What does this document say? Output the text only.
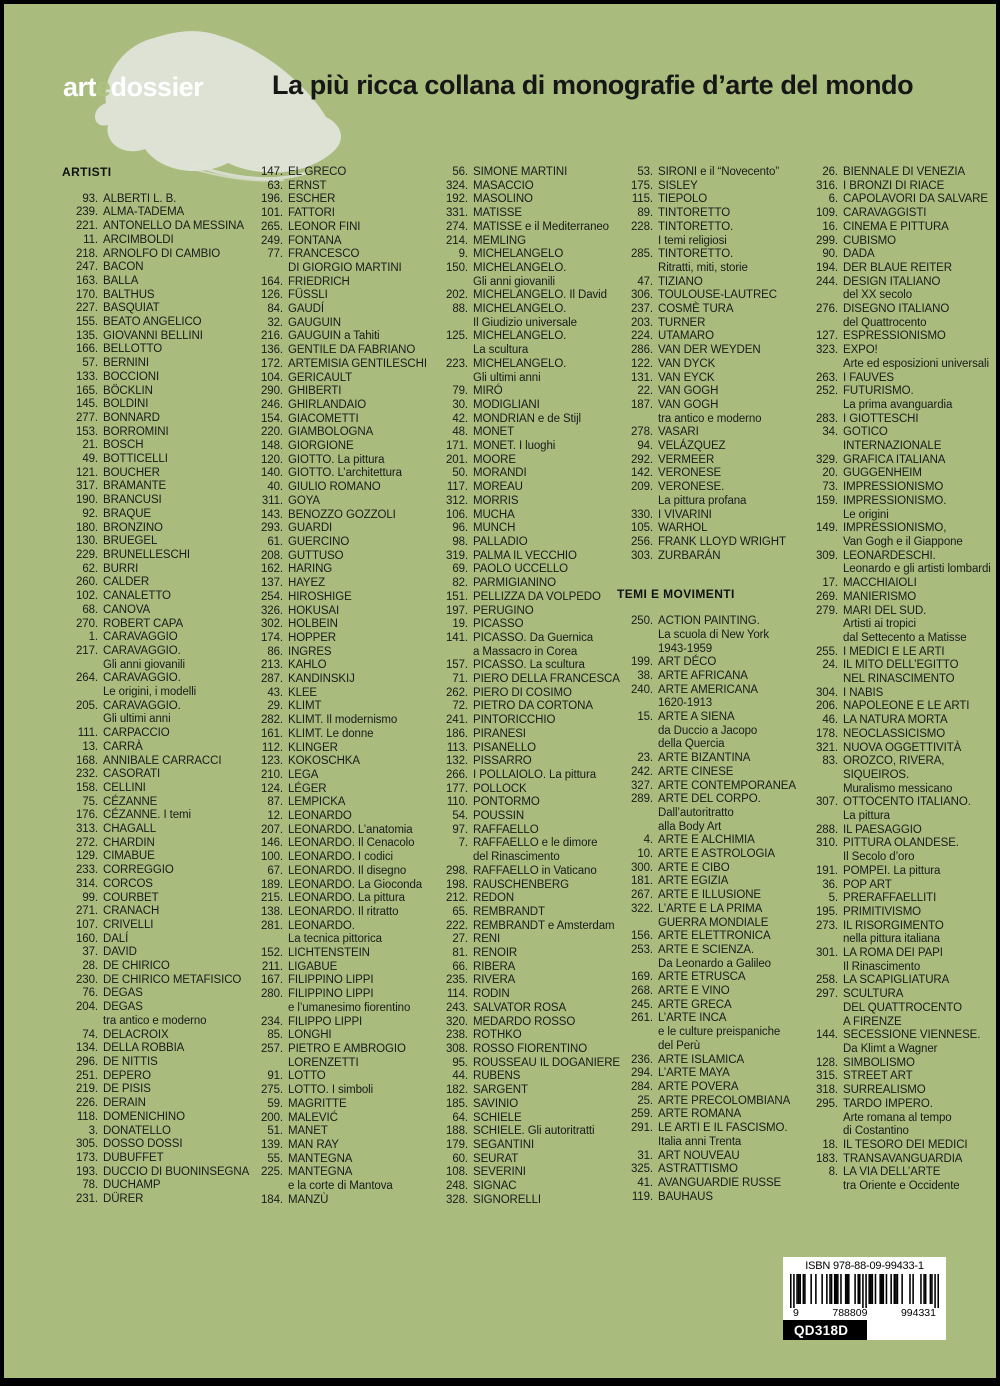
artedossier	La più ricca collana di monografie d’arte del mondo
ARTISTI
93. ALBERTI L. B.
239. ALMA-TADEMA
221. ANTONELLO DA MESSINA
11. ARCIMBOLDI
218. ARNOLFO DI CAMBIO
247. BACON
163. BALLA
170. BALTHUS
227. BASQUIAT
155. BEATO ANGELICO
135. GIOVANNI BELLINI
166. BELLOTTO
57. BERNINI
133. BOCCIONI
165. BÖCKLIN
145. BOLDINI
277. BONNARD
153. BORROMINI
21. BOSCH
49. BOTTICELLI
121. BOUCHER
317. BRAMANTE
190. BRANCUSI
92. BRAQUE
180. BRONZINO
130. BRUEGEL
229. BRUNELLESCHI
62. BURRI
260. CALDER
102. CANALETTO
68. CANOVA
270. ROBERT CAPA
1. CARAVAGGIO
217. CARAVAGGIO.
Gli anni giovanili
264. CARAVAGGIO.
Le origini, i modelli
205. CARAVAGGIO.
Gli ultimi anni
111. CARPACCIO
13. CARRÀ
168. ANNIBALE CARRACCI
232. CASORATI
158. CELLINI
75. CÉZANNE
176. CÉZANNE. I temi
313. CHAGALL
272. CHARDIN
129. CIMABUE
233. CORREGGIO
314. CORCOS
99. COURBET
271. CRANACH
107. CRIVELLI
160. DALÍ
37. DAVID
28. DE CHIRICO
230. DE CHIRICO METAFISICO
76. DEGAS
204. DEGAS
tra antico e moderno
74. DELACROIX
134. DELLA ROBBIA
296. DE NITTIS
251. DEPERO
219. DE PISIS
226. DERAIN
118. DOMENICHINO
3. DONATELLO
305. DOSSO DOSSI
173. DUBUFFET
193. DUCCIO DI BUONINSEGNA
78. DUCHAMP
231. DÜRER
147. EL GRECO
63. ERNST
196. ESCHER
101. FATTORI
265. LEONOR FINI
249. FONTANA
77. FRANCESCO
DI GIORGIO MARTINI
164. FRIEDRICH
126. FÜSSLI
84. GAUDÍ
32. GAUGUIN
216. GAUGUIN a Tahiti
136. GENTILE DA FABRIANO
172. ARTEMISIA GENTILESCHI
104. GERICAULT
290. GHIBERTI
246. GHIRLANDAIO
154. GIACOMETTI
220. GIAMBOLOGNA
148. GIORGIONE
120. GIOTTO. La pittura
140. GIOTTO. L’architettura
40. GIULIO ROMANO
311. GOYA
143. BENOZZO GOZZOLI
293. GUARDI
61. GUERCINO
208. GUTTUSO
162. HARING
137. HAYEZ
254. HIROSHIGE
326. HOKUSAI
302. HOLBEIN
174. HOPPER
86. INGRES
213. KAHLO
287. KANDINSKIJ
43. KLEE
29. KLIMT
282. KLIMT. Il modernismo
161. KLIMT. Le donne
112. KLINGER
123. KOKOSCHKA
210. LEGA
124. LÉGER
87. LEMPICKA
12. LEONARDO
207. LEONARDO. L’anatomia
146. LEONARDO. Il Cenacolo
100. LEONARDO. I codici
67. LEONARDO. Il disegno
189. LEONARDO. La Gioconda
215. LEONARDO. La pittura
138. LEONARDO. Il ritratto
281. LEONARDO.
La tecnica pittorica
152. LICHTENSTEIN
211. LIGABUE
167. FILIPPINO LIPPI
280. FILIPPINO LIPPI
e l’umanesimo fiorentino
234. FILIPPO LIPPI
85. LONGHI
257. PIETRO E AMBROGIO
LORENZETTI
91. LOTTO
275. LOTTO. I simboli
59. MAGRITTE
200. MALEVIĆ
51. MANET
139. MAN RAY
55. MANTEGNA
225. MANTEGNA
e la corte di Mantova
184. MANZÙ
56. SIMONE MARTINI
324. MASACCIO
192. MASOLINO
331. MATISSE
274. MATISSE e il Mediterraneo
214. MEMLING
9. MICHELANGELO
150. MICHELANGELO.
Gli anni giovanili
202. MICHELANGELO. Il David
88. MICHELANGELO.
Il Giudizio universale
125. MICHELANGELO.
La scultura
223. MICHELANGELO.
Gli ultimi anni
79. MIRÓ
30. MODIGLIANI
42. MONDRIAN e de Stijl
48. MONET
171. MONET. I luoghi
201. MOORE
50. MORANDI
117. MOREAU
312. MORRIS
106. MUCHA
96. MUNCH
98. PALLADIO
319. PALMA IL VECCHIO
69. PAOLO UCCELLO
82. PARMIGIANINO
151. PELLIZZA DA VOLPEDO
197. PERUGINO
19. PICASSO
141. PICASSO. Da Guernica
a Massacro in Corea
157. PICASSO. La scultura
71. PIERO DELLA FRANCESCA
262. PIERO DI COSIMO
72. PIETRO DA CORTONA
241. PINTORICCHIO
186. PIRANESI
113. PISANELLO
132. PISSARRO
266. I POLLAIOLO. La pittura
177. POLLOCK
110. PONTORMO
54. POUSSIN
97. RAFFAELLO
7. RAFFAELLO e le dimore
del Rinascimento
298. RAFFAELLO in Vaticano
198. RAUSCHENBERG
212. REDON
65. REMBRANDT
222. REMBRANDT e Amsterdam
27. RENI
81. RENOIR
66. RIBERA
235. RIVERA
114. RODIN
243. SALVATOR ROSA
320. MEDARDO ROSSO
238. ROTHKO
308. ROSSO FIORENTINO
95. ROUSSEAU IL DOGANIERE
44. RUBENS
182. SARGENT
185. SAVINIO
64. SCHIELE
188. SCHIELE. Gli autoritratti
179. SEGANTINI
60. SEURAT
108. SEVERINI
248. SIGNAC
328. SIGNORELLI
53. SIRONI e il “Novecento”
175. SISLEY
115. TIEPOLO
89. TINTORETTO
228. TINTORETTO.
I temi religiosi
285. TINTORETTO.
Ritratti, miti, storie
47. TIZIANO
306. TOULOUSE-LAUTREC
237. COSMÈ TURA
203. TURNER
224. UTAMARO
286. VAN DER WEYDEN
122. VAN DYCK
131. VAN EYCK
22. VAN GOGH
187. VAN GOGH
tra antico e moderno
278. VASARI
94. VELÁZQUEZ
292. VERMEER
142. VERONESE
209. VERONESE.
La pittura profana
330. I VIVARINI
105. WARHOL
256. FRANK LLOYD WRIGHT
303. ZURBARÁN
TEMI E MOVIMENTI
250. ACTION PAINTING.
La scuola di New York
1943-1959
199. ART DÉCO
38. ARTE AFRICANA
240. ARTE AMERICANA
1620-1913
15. ARTE A SIENA
da Duccio a Jacopo
della Quercia
23. ARTE BIZANTINA
242. ARTE CINESE
327. ARTE CONTEMPORANEA
289. ARTE DEL CORPO.
Dall’autoritratto
alla Body Art
4. ARTE E ALCHIMIA
10. ARTE E ASTROLOGIA
300. ARTE E CIBO
181. ARTE EGIZIA
267. ARTE E ILLUSIONE
322. L’ARTE E LA PRIMA
GUERRA MONDIALE
156. ARTE ELETTRONICA
253. ARTE E SCIENZA.
Da Leonardo a Galileo
169. ARTE ETRUSCA
268. ARTE E VINO
245. ARTE GRECA
261. L’ARTE INCA
e le culture preispaniche
del Perù
236. ARTE ISLAMICA
294. L’ARTE MAYA
284. ARTE POVERA
25. ARTE PRECOLOMBIANA
259. ARTE ROMANA
291. LE ARTI E IL FASCISMO.
Italia anni Trenta
31. ART NOUVEAU
325. ASTRATTISMO
41. AVANGUARDIE RUSSE
119. BAUHAUS
26. BIENNALE DI VENEZIA
316. I BRONZI DI RIACE
6. CAPOLAVORI DA SALVARE
109. CARAVAGGISTI
16. CINEMA E PITTURA
299. CUBISMO
90. DADA
194. DER BLAUE REITER
244. DESIGN ITALIANO
del XX secolo
276. DISEGNO ITALIANO
del Quattrocento
127. ESPRESSIONISMO
323. EXPO!
Arte ed esposizioni universali
263. I FAUVES
252. FUTURISMO.
La prima avanguardia
283. I GIOTTESCHI
34. GOTICO
INTERNAZIONALE
329. GRAFICA ITALIANA
20. GUGGENHEIM
73. IMPRESSIONISMO
159. IMPRESSIONISMO.
Le origini
149. IMPRESSIONISMO,
Van Gogh e il Giappone
309. LEONARDESCHI.
Leonardo e gli artisti lombardi
17. MACCHIAIOLI
269. MANIERISMO
279. MARI DEL SUD.
Artisti ai tropici
dal Settecento a Matisse
255. I MEDICI E LE ARTI
24. IL MITO DELL’EGITTO
NEL RINASCIMENTO
304. I NABIS
206. NAPOLEONE E LE ARTI
46. LA NATURA MORTA
178. NEOCLASSICISMO
321. NUOVA OGGETTIVITÀ
83. OROZCO, RIVERA,
SIQUEIROS.
Muralismo messicano
307. OTTOCENTO ITALIANO.
La pittura
288. IL PAESAGGIO
310. PITTURA OLANDESE.
Il Secolo d’oro
191. POMPEI. La pittura
36. POP ART
5. PRERAFFAELLITI
195. PRIMITIVISMO
273. IL RISORGIMENTO
nella pittura italiana
301. LA ROMA DEI PAPI
Il Rinascimento
258. LA SCAPIGLIATURA
297. SCULTURA
DEL QUATTROCENTO
A FIRENZE
144. SECESSIONE VIENNESE.
Da Klimt a Wagner
128. SIMBOLISMO
315. STREET ART
318. SURREALISMO
295. TARDO IMPERO.
Arte romana al tempo
di Costantino
18. IL TESORO DEI MEDICI
183. TRANSAVANGUARDIA
8. LA VIA DELL’ARTE
tra Oriente e Occidente
ISBN 978-88-09-99433-1
9	788809	994331
QD318D
